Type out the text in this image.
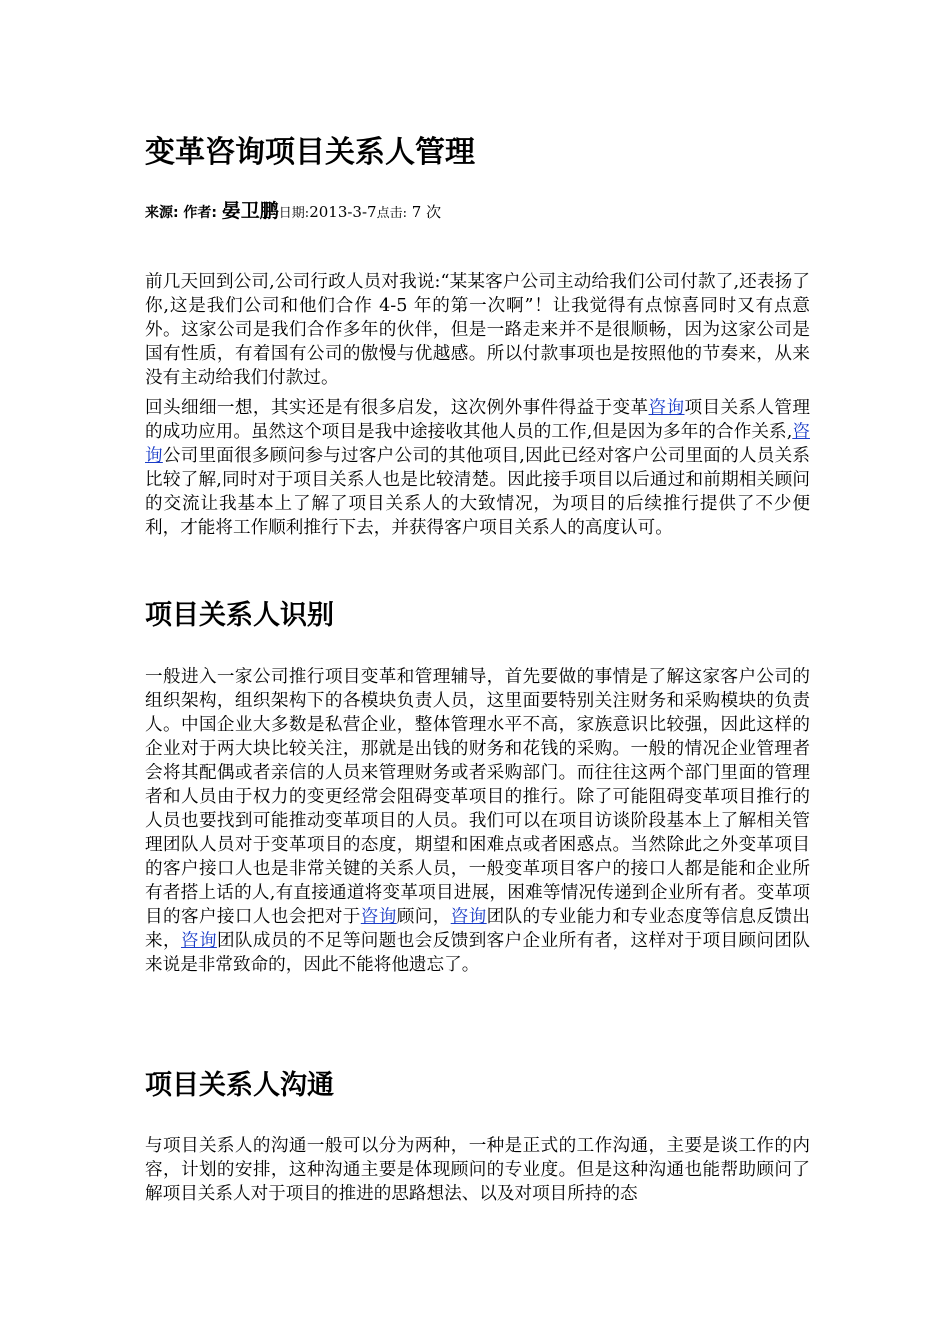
变革咨询项目关系人管理
来源: 作者: 晏卫鹏日期:2013-3-7点击: 7 次

前几天回到公司,公司行政人员对我说:“某某客户公司主动给我们公司付款了,还表扬了你,这是我们公司和他们合作 4-5 年的第一次啊”！让我觉得有点惊喜同时又有点意外。这家公司是我们合作多年的伙伴，但是一路走来并不是很顺畅，因为这家公司是国有性质，有着国有公司的傲慢与优越感。所以付款事项也是按照他的节奏来，从来没有主动给我们付款过。

回头细细一想，其实还是有很多启发，这次例外事件得益于变革咨询项目关系人管理的成功应用。虽然这个项目是我中途接收其他人员的工作,但是因为多年的合作关系,咨询公司里面很多顾问参与过客户公司的其他项目,因此已经对客户公司里面的人员关系比较了解,同时对于项目关系人也是比较清楚。因此接手项目以后通过和前期相关顾问的交流让我基本上了解了项目关系人的大致情况，为项目的后续推行提供了不少便利，才能将工作顺利推行下去，并获得客户项目关系人的高度认可。

项目关系人识别

一般进入一家公司推行项目变革和管理辅导，首先要做的事情是了解这家客户公司的组织架构，组织架构下的各模块负责人员，这里面要特别关注财务和采购模块的负责人。中国企业大多数是私营企业，整体管理水平不高，家族意识比较强，因此这样的企业对于两大块比较关注，那就是出钱的财务和花钱的采购。一般的情况企业管理者会将其配偶或者亲信的人员来管理财务或者采购部门。而往往这两个部门里面的管理者和人员由于权力的变更经常会阻碍变革项目的推行。除了可能阻碍变革项目推行的人员也要找到可能推动变革项目的人员。我们可以在项目访谈阶段基本上了解相关管理团队人员对于变革项目的态度，期望和困难点或者困惑点。当然除此之外变革项目的客户接口人也是非常关键的关系人员，一般变革项目客户的接口人都是能和企业所有者搭上话的人,有直接通道将变革项目进展，困难等情况传递到企业所有者。变革项目的客户接口人也会把对于咨询顾问，咨询团队的专业能力和专业态度等信息反馈出来，咨询团队成员的不足等问题也会反馈到客户企业所有者，这样对于项目顾问团队来说是非常致命的，因此不能将他遗忘了。

项目关系人沟通

与项目关系人的沟通一般可以分为两种，一种是正式的工作沟通，主要是谈工作的内容，计划的安排，这种沟通主要是体现顾问的专业度。但是这种沟通也能帮助顾问了解项目关系人对于项目的推进的思路想法、以及对项目所持的态
